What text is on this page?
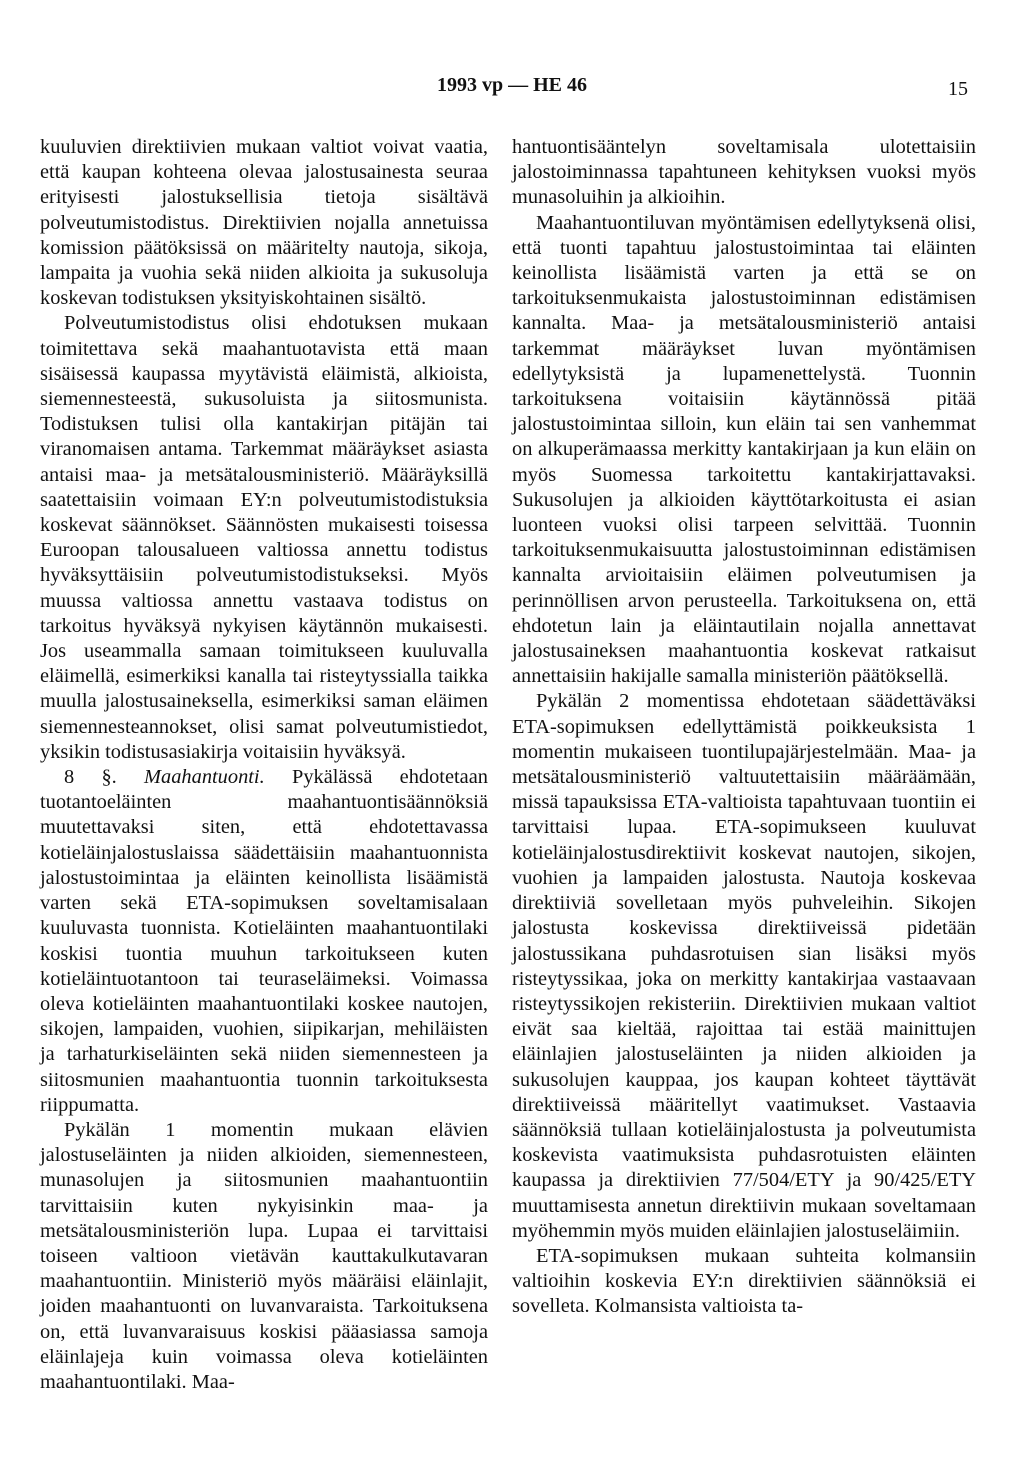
1993 vp — HE 46	15

kuuluvien direktiivien mukaan valtiot voivat vaatia, että kaupan kohteena olevaa jalostusainesta seuraa erityisesti jalostuksellisia tietoja sisältävä polveutumistodistus. Direktiivien nojalla annetuissa komission päätöksissä on määritelty nautoja, sikoja, lampaita ja vuohia sekä niiden alkioita ja sukusoluja koskevan todistuksen yksityiskohtainen sisältö.

Polveutumistodistus olisi ehdotuksen mukaan toimitettava sekä maahantuotavista että maan sisäisessä kaupassa myytävistä eläimistä, alkioista, siemennesteestä, sukusoluista ja siitosmunista. Todistuksen tulisi olla kantakirjan pitäjän tai viranomaisen antama. Tarkemmat määräykset asiasta antaisi maa- ja metsätalousministeriö. Määräyksillä saatettaisiin voimaan EY:n polveutumistodistuksia koskevat säännökset. Säännösten mukaisesti toisessa Euroopan talousalueen valtiossa annettu todistus hyväksyttäisiin polveutumistodistukseksi. Myös muussa valtiossa annettu vastaava todistus on tarkoitus hyväksyä nykyisen käytännön mukaisesti. Jos useammalla samaan toimitukseen kuuluvalla eläimellä, esimerkiksi kanalla tai risteytyssialla taikka muulla jalostusaineksella, esimerkiksi saman eläimen siemennesteannokset, olisi samat polveutumistiedot, yksikin todistusasiakirja voitaisiin hyväksyä.

8 §. Maahantuonti. Pykälässä ehdotetaan tuotantoeläinten maahantuontisäännöksiä muutettavaksi siten, että ehdotettavassa kotieläinjalostuslaissa säädettäisiin maahantuonnista jalostustoimintaa ja eläinten keinollista lisäämistä varten sekä ETA-sopimuksen soveltamisalaan kuuluvasta tuonnista. Kotieläinten maahantuontilaki koskisi tuontia muuhun tarkoitukseen kuten kotieläintuotantoon tai teuraseläimeksi. Voimassa oleva kotieläinten maahantuontilaki koskee nautojen, sikojen, lampaiden, vuohien, siipikarjan, mehiläisten ja tarhaturkiseläinten sekä niiden siemennesteen ja siitosmunien maahantuontia tuonnin tarkoituksesta riippumatta.

Pykälän 1 momentin mukaan elävien jalostuseläinten ja niiden alkioiden, siemennesteen, munasolujen ja siitosmunien maahantuontiin tarvittaisiin kuten nykyisinkin maa- ja metsätalousministeriön lupa. Lupaa ei tarvittaisi toiseen valtioon vietävän kauttakulkutavaran maahantuontiin. Ministeriö myös määräisi eläinlajit, joiden maahantuonti on luvanvaraista. Tarkoituksena on, että luvanvaraisuus koskisi pääasiassa samoja eläinlajeja kuin voimassa oleva kotieläinten maahantuontilaki. Maa-

hantuontisääntelyn soveltamisala ulotettaisiin jalostoiminnassa tapahtuneen kehityksen vuoksi myös munasoluihin ja alkioihin.

Maahantuontiluvan myöntämisen edellytyksenä olisi, että tuonti tapahtuu jalostustoimintaa tai eläinten keinollista lisäämistä varten ja että se on tarkoituksenmukaista jalostustoiminnan edistämisen kannalta. Maa- ja metsätalousministeriö antaisi tarkemmat määräykset luvan myöntämisen edellytyksistä ja lupamenettelystä. Tuonnin tarkoituksena voitaisiin käytännössä pitää jalostustoimintaa silloin, kun eläin tai sen vanhemmat on alkuperämaassa merkitty kantakirjaan ja kun eläin on myös Suomessa tarkoitettu kantakirjattavaksi. Sukusolujen ja alkioiden käyttötarkoitusta ei asian luonteen vuoksi olisi tarpeen selvittää. Tuonnin tarkoituksenmukaisuutta jalostustoiminnan edistämisen kannalta arvioitaisiin eläimen polveutumisen ja perinnöllisen arvon perusteella. Tarkoituksena on, että ehdotetun lain ja eläintautilain nojalla annettavat jalostusaineksen maahantuontia koskevat ratkaisut annettaisiin hakijalle samalla ministeriön päätöksellä.

Pykälän 2 momentissa ehdotetaan säädettäväksi ETA-sopimuksen edellyttämistä poikkeuksista 1 momentin mukaiseen tuontilupajärjestelmään. Maa- ja metsätalousministeriö valtuutettaisiin määräämään, missä tapauksissa ETA-valtioista tapahtuvaan tuontiin ei tarvittaisi lupaa. ETA-sopimukseen kuuluvat kotieläinjalostusdirektiivit koskevat nautojen, sikojen, vuohien ja lampaiden jalostusta. Nautoja koskevaa direktiiviä sovelletaan myös puhveleihin. Sikojen jalostusta koskevissa direktiiveissä pidetään jalostussikana puhdasrotuisen sian lisäksi myös risteytyssikaa, joka on merkitty kantakirjaa vastaavaan risteytyssikojen rekisteriin. Direktiivien mukaan valtiot eivät saa kieltää, rajoittaa tai estää mainittujen eläinlajien jalostuseläinten ja niiden alkioiden ja sukusolujen kauppaa, jos kaupan kohteet täyttävät direktiiveissä määritellyt vaatimukset. Vastaavia säännöksiä tullaan kotieläinjalostusta ja polveutumista koskevista vaatimuksista puhdasrotuisten eläinten kaupassa ja direktiivien 77/504/ETY ja 90/425/ETY muuttamisesta annetun direktiivin mukaan soveltamaan myöhemmin myös muiden eläinlajien jalostuseläimiin.

ETA-sopimuksen mukaan suhteita kolmansiin valtioihin koskevia EY:n direktiivien säännöksiä ei sovelleta. Kolmansista valtioista ta-
